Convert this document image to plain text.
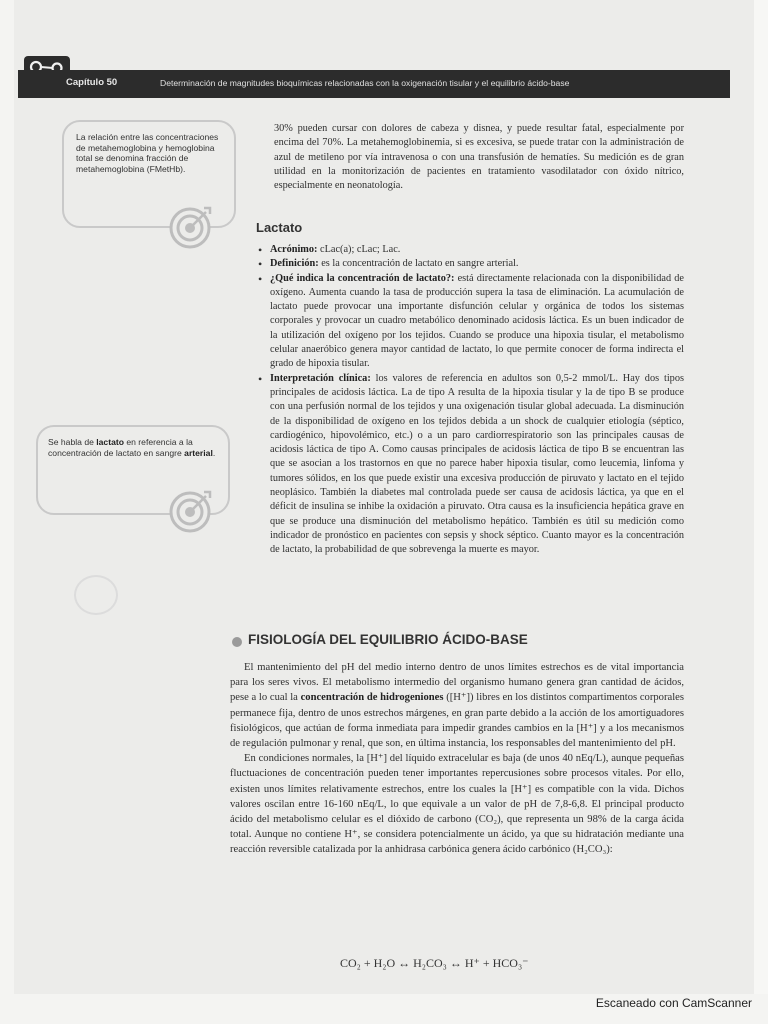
Capítulo 50	Determinación de magnitudes bioquímicas relacionadas con la oxigenación tisular y el equilibrio ácido-base
La relación entre las concentraciones de metahemoglobina y hemoglobina total se denomina fracción de metahemoglobina (FMetHb).
Se habla de lactato en referencia a la concentración de lactato en sangre arterial.

30% pueden cursar con dolores de cabeza y disnea, y puede resultar fatal, especialmente por encima del 70%. La metahemoglobinemia, si es excesiva, se puede tratar con la administración de azul de metileno por vía intravenosa o con una transfusión de hematíes. Su medición es de gran utilidad en la monitorización de pacientes en tratamiento vasodilatador con óxido nítrico, especialmente en neonatología.

Lactato
• Acrónimo: cLac(a); cLac; Lac.
• Definición: es la concentración de lactato en sangre arterial.
• ¿Qué indica la concentración de lactato?: está directamente relacionada con la disponibilidad de oxígeno. Aumenta cuando la tasa de producción supera la tasa de eliminación. La acumulación de lactato puede provocar una importante disfunción celular y orgánica de todos los sistemas corporales y provocar un cuadro metabólico denominado acidosis láctica. Es un buen indicador de la utilización del oxígeno por los tejidos. Cuando se produce una hipoxia tisular, el metabolismo celular anaeróbico genera mayor cantidad de lactato, lo que permite conocer de forma indirecta el grado de hipoxia tisular.
• Interpretación clínica: los valores de referencia en adultos son 0,5-2 mmol/L. Hay dos tipos principales de acidosis láctica. La de tipo A resulta de la hipoxia tisular y la de tipo B se produce con una perfusión normal de los tejidos y una oxigenación tisular global adecuada. La disminución de la disponibilidad de oxígeno en los tejidos debida a un shock de cualquier etiología (séptico, cardiogénico, hipovolémico, etc.) o a un paro cardiorrespiratorio son las principales causas de acidosis láctica de tipo A. Como causas principales de acidosis láctica de tipo B se encuentran las que se asocian a los trastornos en que no parece haber hipoxia tisular, como leucemia, linfoma y tumores sólidos, en los que puede existir una excesiva producción de piruvato y lactato en el tejido neoplásico. También la diabetes mal controlada puede ser causa de acidosis láctica, ya que en el déficit de insulina se inhibe la oxidación a piruvato. Otra causa es la insuficiencia hepática grave en que se produce una disminución del metabolismo hepático. También es útil su medición como indicador de pronóstico en pacientes con sepsis y shock séptico. Cuanto mayor es la concentración de lactato, la probabilidad de que sobrevenga la muerte es mayor.
FISIOLOGÍA DEL EQUILIBRIO ÁCIDO-BASE

El mantenimiento del pH del medio interno dentro de unos límites estrechos es de vital importancia para los seres vivos. El metabolismo intermedio del organismo humano genera gran cantidad de ácidos, pese a lo cual la concentración de hidrogeniones ([H⁺]) libres en los distintos compartimentos corporales permanece fija, dentro de unos estrechos márgenes, en gran parte debido a la acción de los amortiguadores fisiológicos, que actúan de forma inmediata para impedir grandes cambios en la [H⁺] y a los mecanismos de regulación pulmonar y renal, que son, en última instancia, los responsables del mantenimiento del pH.

En condiciones normales, la [H⁺] del líquido extracelular es baja (de unos 40 nEq/L), aunque pequeñas fluctuaciones de concentración pueden tener importantes repercusiones sobre procesos vitales. Por ello, existen unos límites relativamente estrechos, entre los cuales la [H⁺] es compatible con la vida. Dichos valores oscilan entre 16-160 nEq/L, lo que equivale a un valor de pH de 7,8-6,8. El principal producto ácido del metabolismo celular es el dióxido de carbono (CO₂), que representa un 98% de la carga ácida total. Aunque no contiene H⁺, se considera potencialmente un ácido, ya que su hidratación mediante una reacción reversible catalizada por la anhidrasa carbónica genera ácido carbónico (H₂CO₃):

CO₂ + H₂O ↔ H₂CO₃ ↔ H⁺ + HCO₃⁻
Escaneado con CamScanner
